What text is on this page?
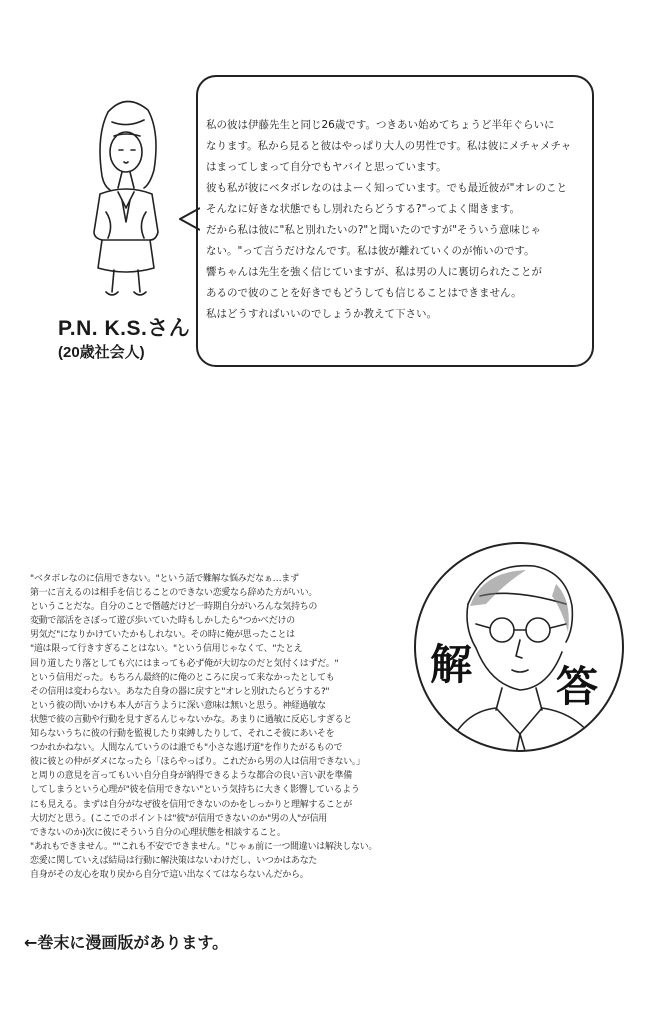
P.N. K.S.さん
(20歳社会人)

私の彼は伊藤先生と同じ26歳です。つきあい始めてちょうど半年ぐらいに

なります。私から見ると彼はやっぱり大人の男性です。私は彼にメチャメチャ

はまってしまって自分でもヤバイと思っています。

彼も私が彼にベタボレなのはよーく知っています。でも最近彼が"オレのこと

そんなに好きな状態でもし別れたらどうする?"ってよく聞きます。

だから私は彼に"私と別れたいの?"と聞いたのですが"そういう意味じゃ

ない。"って言うだけなんです。私は彼が離れていくのが怖いのです。

響ちゃんは先生を強く信じていますが、私は男の人に裏切られたことが

あるので彼のことを好きでもどうしても信じることはできません。

私はどうすればいいのでしょうか教えて下さい。

"ベタボレなのに信用できない。"という話で難解な悩みだなぁ…まず

第一に言えるのは相手を信じることのできない恋愛なら辞めた方がいい。

ということだな。自分のことで僭越だけど一時期自分がいろんな気持ちの

変動で部活をさぼって遊び歩いていた時もしかしたら"つかべだけの

男気だ"になりかけていたかもしれない。その時に俺が思ったことは

"道は限って行きすぎることはない。"という信用じゃなくて、"たとえ

回り道したり落としても穴にはまっても必ず俺が大切なのだと気付くはずだ。"

という信用だった。もちろん最終的に俺のところに戻って来なかったとしても

その信用は変わらない。あなた自身の器に戻すと"オレと別れたらどうする?"

という彼の問いかけも本人が言うように深い意味は無いと思う。神経過敏な

状態で彼の言動や行動を見すぎるんじゃないかな。あまりに過敏に反応しすぎると

知らないうちに彼の行動を監視したり束縛したりして、それこそ彼にあいそを

つかれかねない。人間なんていうのは誰でも"小さな逃げ道"を作りたがるもので

彼に彼との仲がダメになったら「ほらやっぱり。これだから男の人は信用できない。」

と周りの意見を言ってもいい自分自身が納得できるような都合の良い言い訳を準備

してしまうという心理が"彼を信用できない"という気持ちに大きく影響しているよう

にも見える。まずは自分がなぜ彼を信用できないのかをしっかりと理解することが

大切だと思う。(ここでのポイントは"彼"が信用できないのか"男の人"が信用

できないのか)次に彼にそういう自分の心理状態を相談すること。

"あれもできません。""これも不安でできません。"じゃぁ前に一つ間違いは解決しない。

恋愛に関していえば結局は行動に解決策はないわけだし、いつかはあなた

自身がその友心を取り戻から自分で這い出なくてはならないんだから。

解 答
←巻末に漫画版があります。
